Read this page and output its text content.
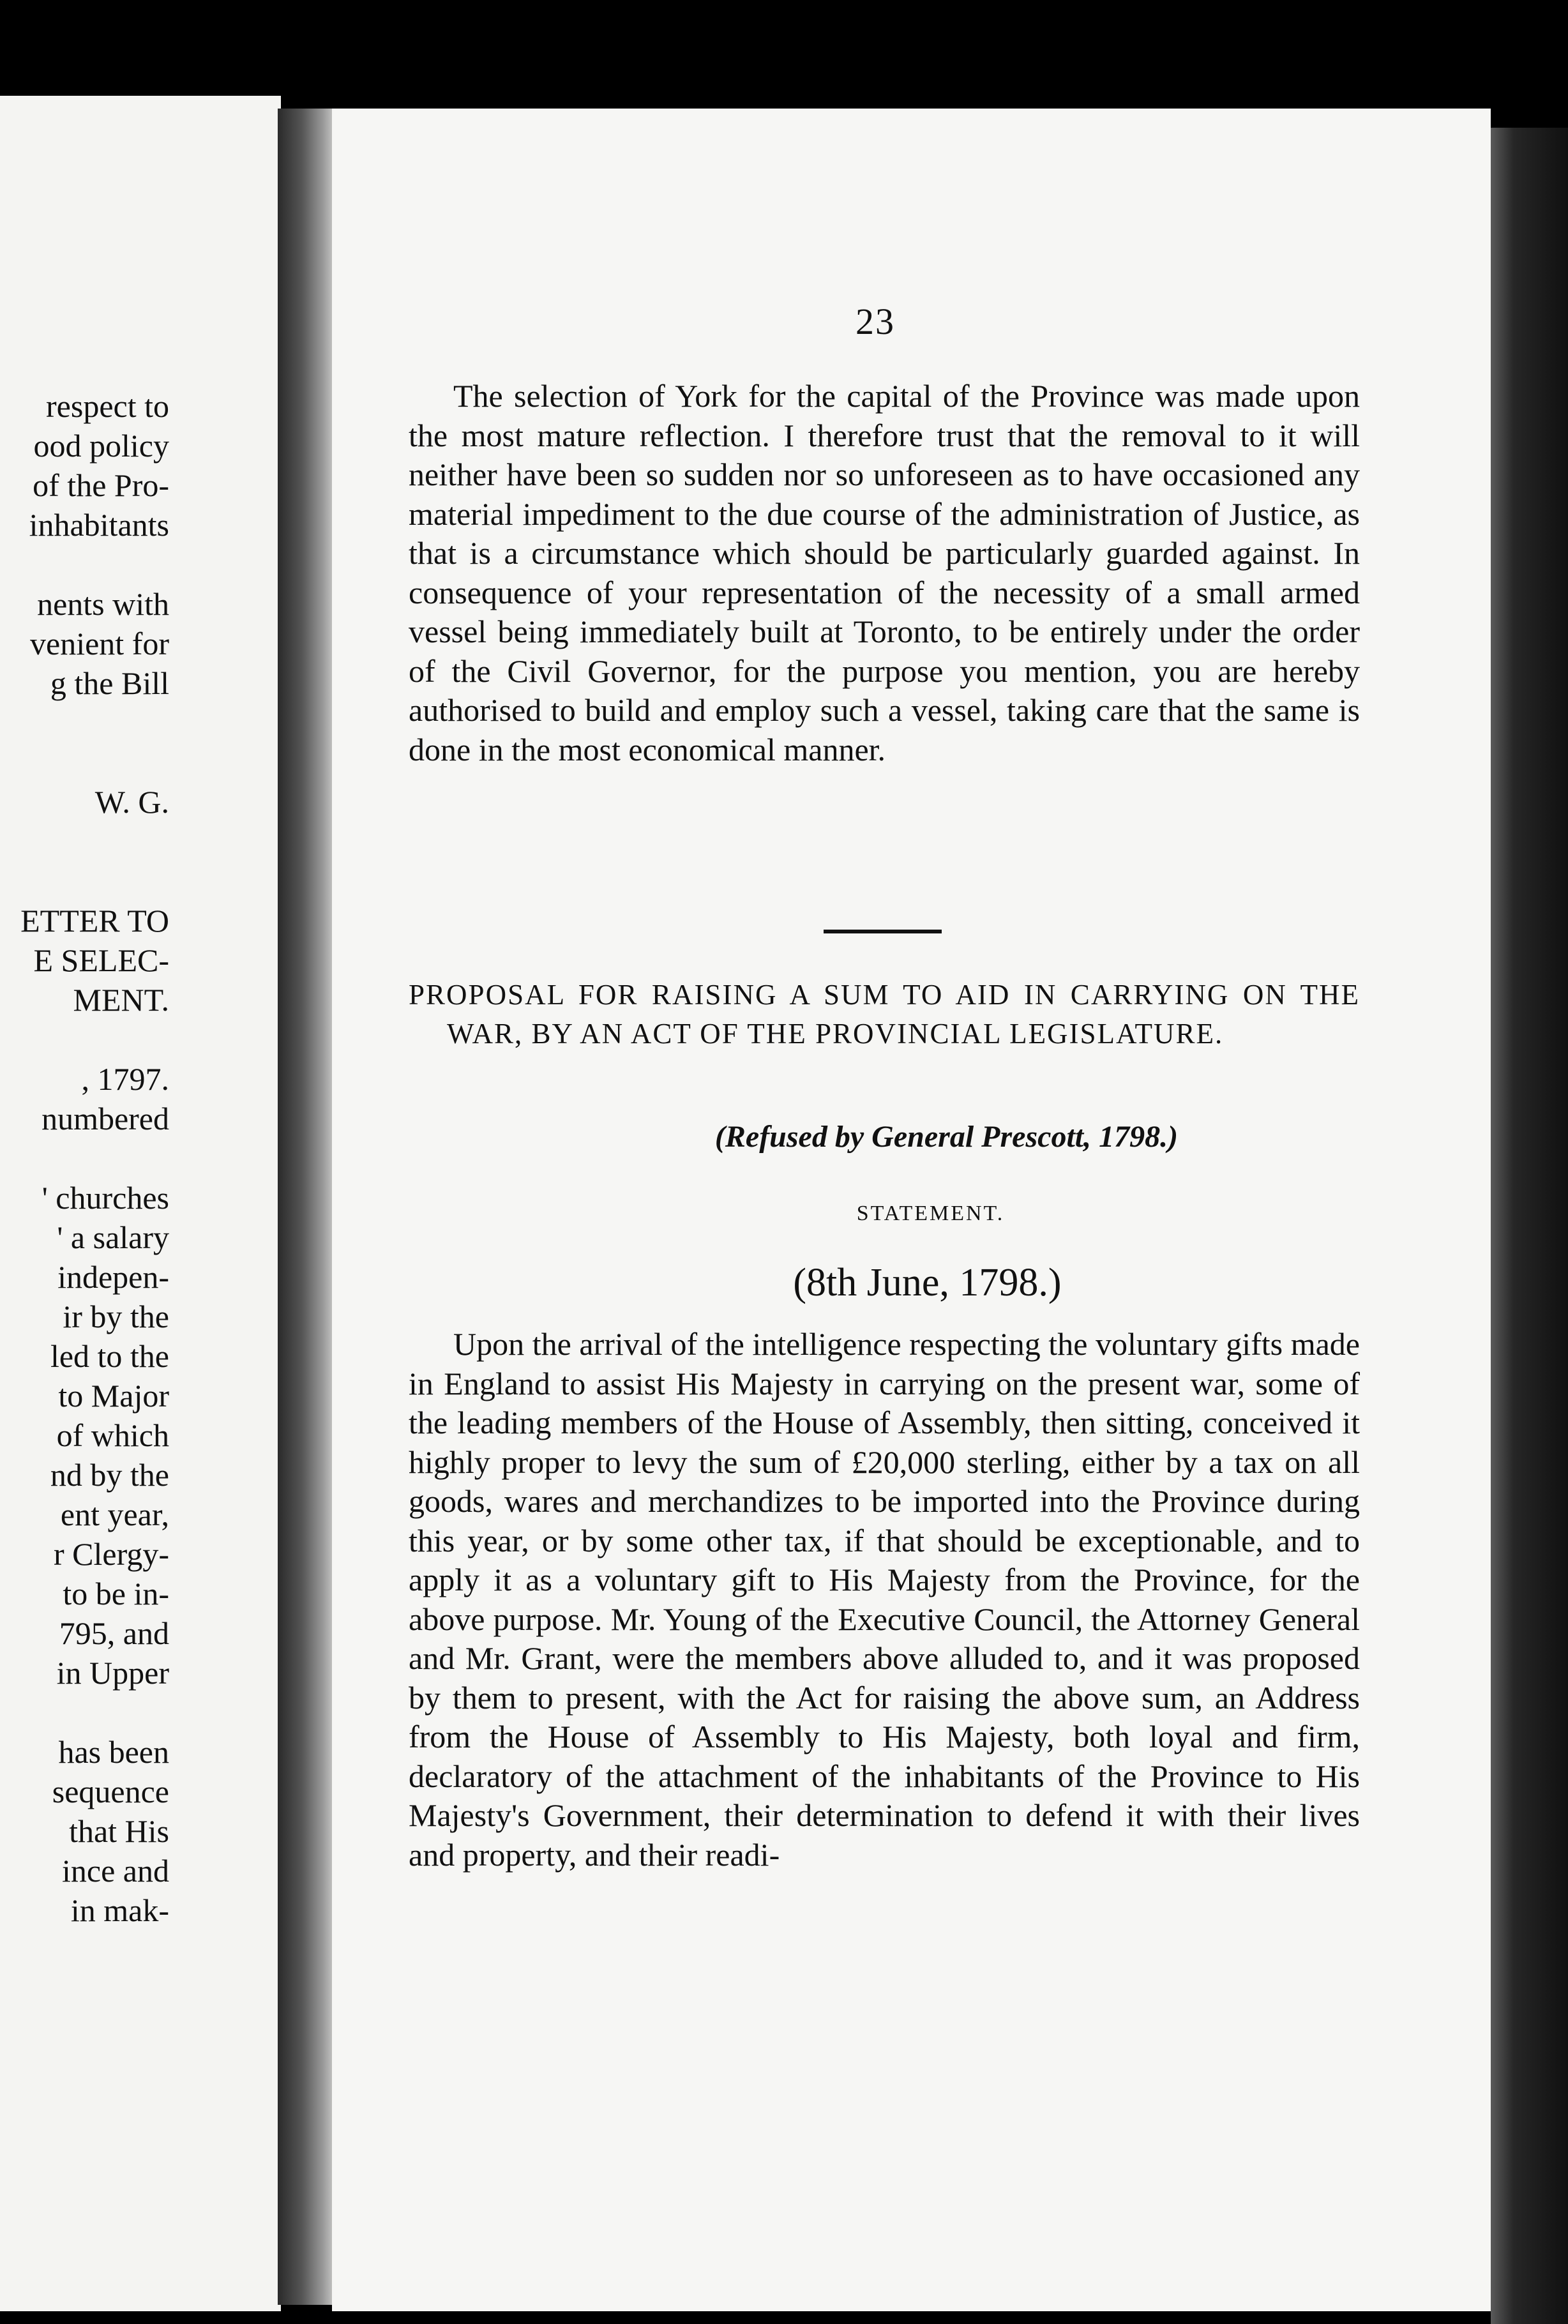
respect to
ood policy
of the Pro-
inhabitants
nents with
venient for
g the Bill
W. G.
ETTER TO
E SELEC-
MENT.
, 1797.
numbered
' churches
' a salary
indepen-
ir by the
led to the
to Major
of which
nd by the
ent year,
r Clergy-
to be in-
795, and
in Upper
has been
sequence
that His
ince and
in mak-
23

The selection of York for the capital of the Province was made upon the most mature reflection. I therefore trust that the removal to it will neither have been so sudden nor so unforeseen as to have occasioned any material impediment to the due course of the administration of Justice, as that is a circumstance which should be particularly guarded against. In consequence of your representation of the necessity of a small armed vessel being immediately built at Toronto, to be entirely under the order of the Civil Governor, for the purpose you mention, you are hereby authorised to build and employ such a vessel, taking care that the same is done in the most economical manner.

PROPOSAL FOR RAISING A SUM TO AID IN CARRYING ON THE WAR, BY AN ACT OF THE PROVINCIAL LEGISLATURE.
(Refused by General Prescott, 1798.)
STATEMENT.
(8th June, 1798.)

Upon the arrival of the intelligence respecting the voluntary gifts made in England to assist His Majesty in carrying on the present war, some of the leading members of the House of Assembly, then sitting, conceived it highly proper to levy the sum of £20,000 sterling, either by a tax on all goods, wares and merchandizes to be imported into the Province during this year, or by some other tax, if that should be exceptionable, and to apply it as a voluntary gift to His Majesty from the Province, for the above purpose. Mr. Young of the Executive Council, the Attorney General and Mr. Grant, were the members above alluded to, and it was proposed by them to present, with the Act for raising the above sum, an Address from the House of Assembly to His Majesty, both loyal and firm, declaratory of the attachment of the inhabitants of the Province to His Majesty's Government, their determination to defend it with their lives and property, and their readi-
